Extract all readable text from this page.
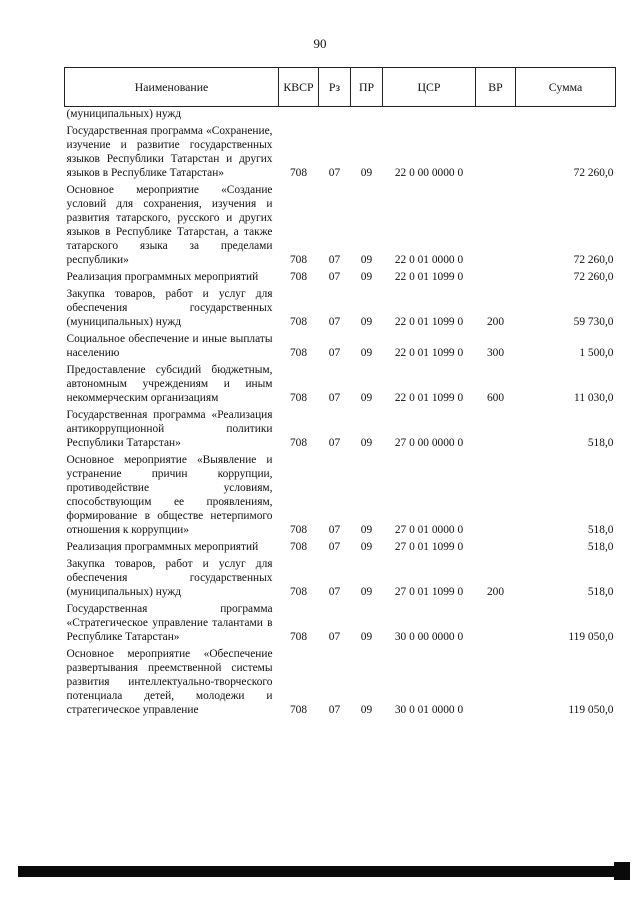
90
Наименование	КВСР	Рз	ПР	ЦСР	ВР	Сумма
(муниципальных) нужд						
Государственная программа «Сохранение, изучение и развитие государственных языков Республики Татарстан и других языков в Республике Татарстан»	708	07	09	22 0 00 0000 0		72 260,0
Основное мероприятие «Создание условий для сохранения, изучения и развития татарского, русского и других языков в Республике Татарстан, а также татарского языка за пределами республики»	708	07	09	22 0 01 0000 0		72 260,0
Реализация программных мероприятий	708	07	09	22 0 01 1099 0		72 260,0
Закупка товаров, работ и услуг для обеспечения государственных (муниципальных) нужд	708	07	09	22 0 01 1099 0	200	59 730,0
Социальное обеспечение и иные выплаты населению	708	07	09	22 0 01 1099 0	300	1 500,0
Предоставление субсидий бюджетным, автономным учреждениям и иным некоммерческим организациям	708	07	09	22 0 01 1099 0	600	11 030,0
Государственная программа «Реализация антикоррупционной политики Республики Татарстан»	708	07	09	27 0 00 0000 0		518,0
Основное мероприятие «Выявление и устранение причин коррупции, противодействие условиям, способствующим ее проявлениям, формирование в обществе нетерпимого отношения к коррупции»	708	07	09	27 0 01 0000 0		518,0
Реализация программных мероприятий	708	07	09	27 0 01 1099 0		518,0
Закупка товаров, работ и услуг для обеспечения государственных (муниципальных) нужд	708	07	09	27 0 01 1099 0	200	518,0
Государственная программа «Стратегическое управление талантами в Республике Татарстан»	708	07	09	30 0 00 0000 0		119 050,0
Основное мероприятие «Обеспечение развертывания преемственной системы развития интеллектуально-творческого потенциала детей, молодежи и стратегическое управление	708	07	09	30 0 01 0000 0		119 050,0
